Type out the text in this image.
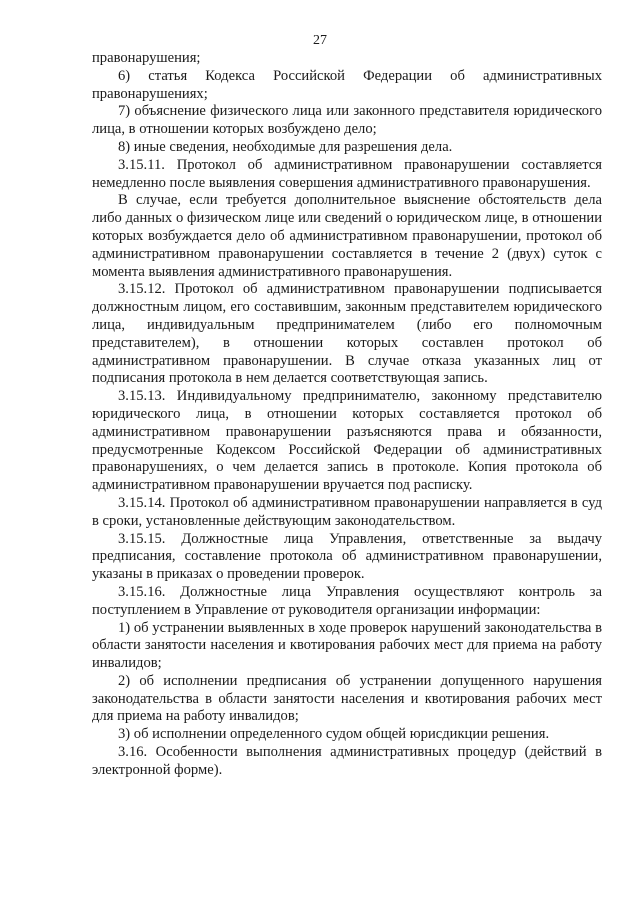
27

правонарушения;

6) статья Кодекса Российской Федерации об административных правонарушениях;

7) объяснение физического лица или законного представителя юридического лица, в отношении которых возбуждено дело;

8) иные сведения, необходимые для разрешения дела.

3.15.11. Протокол об административном правонарушении составляется немедленно после выявления совершения административного правонарушения.

В случае, если требуется дополнительное выяснение обстоятельств дела либо данных о физическом лице или сведений о юридическом лице, в отношении которых возбуждается дело об административном правонарушении, протокол об административном правонарушении составляется в течение 2 (двух) суток с момента выявления административного правонарушения.

3.15.12. Протокол об административном правонарушении подписывается должностным лицом, его составившим, законным представителем юридического лица, индивидуальным предпринимателем (либо его полномочным представителем), в отношении которых составлен протокол об административном правонарушении. В случае отказа указанных лиц от подписания протокола в нем делается соответствующая запись.

3.15.13. Индивидуальному предпринимателю, законному представителю юридического лица, в отношении которых составляется протокол об административном правонарушении разъясняются права и обязанности, предусмотренные Кодексом Российской Федерации об административных правонарушениях, о чем делается запись в протоколе. Копия протокола об административном правонарушении вручается под расписку.

3.15.14. Протокол об административном правонарушении направляется в суд в сроки, установленные действующим законодательством.

3.15.15. Должностные лица Управления, ответственные за выдачу предписания, составление протокола об административном правонарушении, указаны в приказах о проведении проверок.

3.15.16. Должностные лица Управления осуществляют контроль за поступлением в Управление от руководителя организации информации:

1) об устранении выявленных в ходе проверок нарушений законодательства в области занятости населения и квотирования рабочих мест для приема на работу инвалидов;

2) об исполнении предписания об устранении допущенного нарушения законодательства в области занятости населения и квотирования рабочих мест для приема на работу инвалидов;

3) об исполнении определенного судом общей юрисдикции решения.

3.16. Особенности выполнения административных процедур (действий в электронной форме).
